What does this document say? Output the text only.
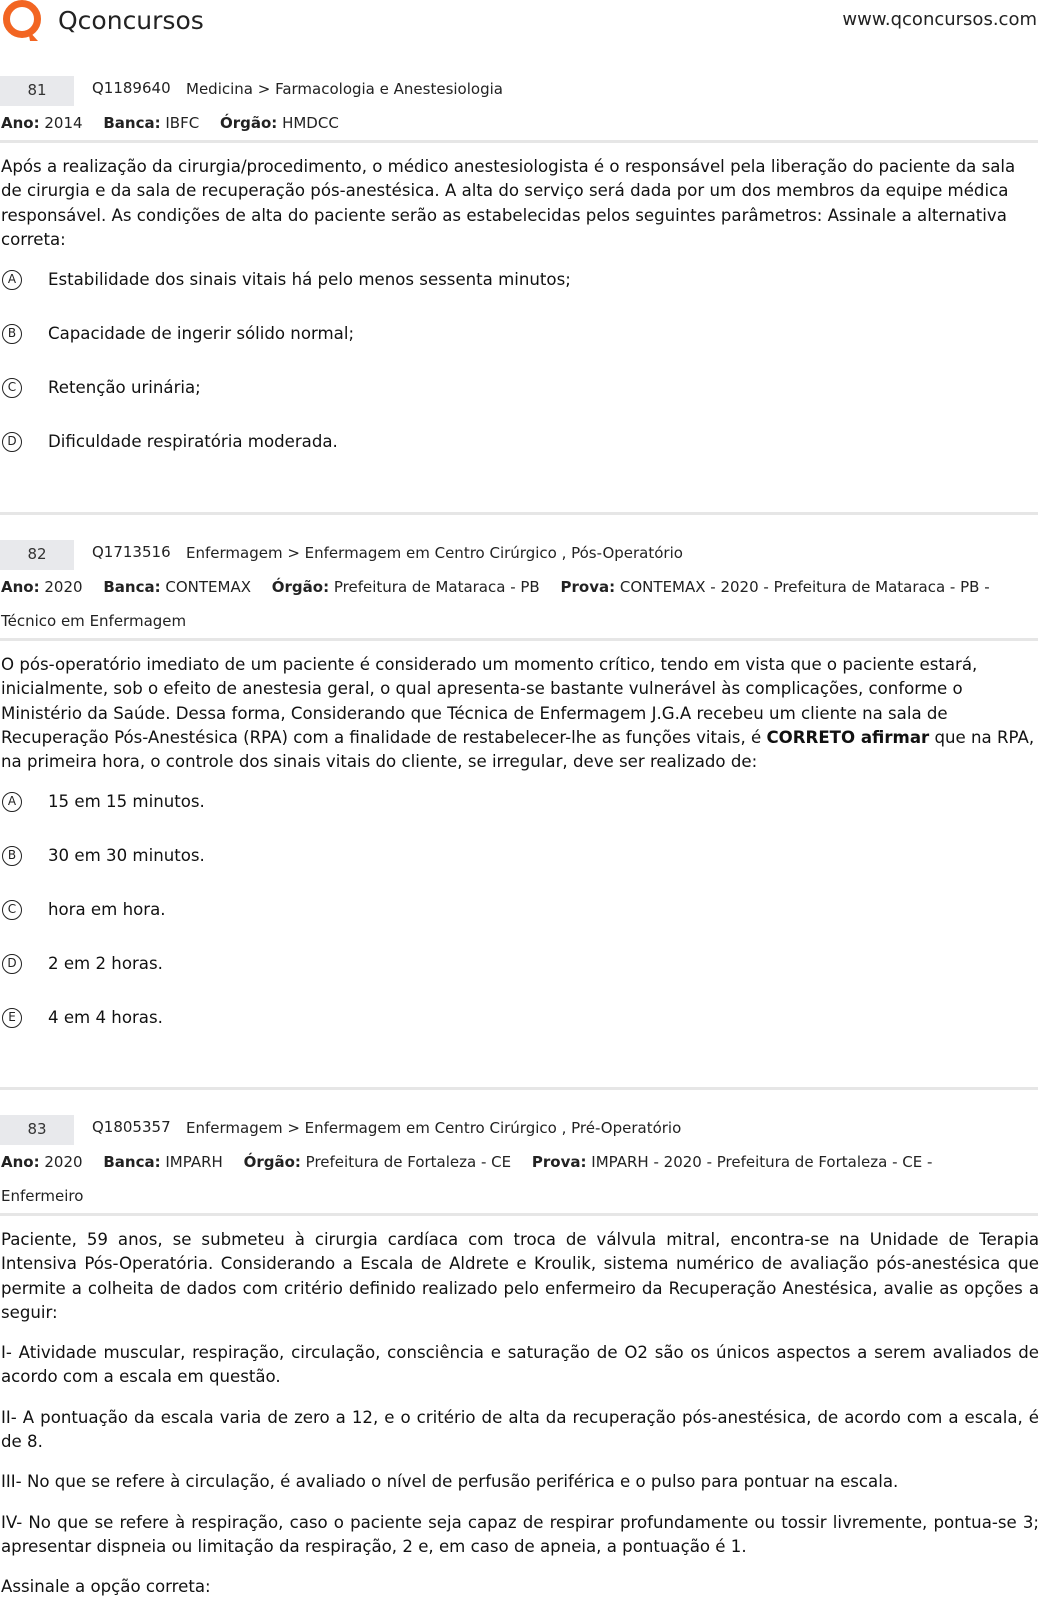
Qconcursos	www.qconcursos.com
81	Q1189640 Medicina > Farmacologia e Anestesiologia
Ano: 2014 Banca: IBFC Órgão: HMDCC
Após a realização da cirurgia/procedimento, o médico anestesiologista é o responsável pela liberação do paciente da sala de cirurgia e da sala de recuperação pós-anestésica. A alta do serviço será dada por um dos membros da equipe médica responsável. As condições de alta do paciente serão as estabelecidas pelos seguintes parâmetros: Assinale a alternativa correta:
A	Estabilidade dos sinais vitais há pelo menos sessenta minutos;
B	Capacidade de ingerir sólido normal;
C	Retenção urinária;
D	Dificuldade respiratória moderada.
82	Q1713516 Enfermagem > Enfermagem em Centro Cirúrgico , Pós-Operatório
Ano: 2020 Banca: CONTEMAX Órgão: Prefeitura de Mataraca - PB Prova: CONTEMAX - 2020 - Prefeitura de Mataraca - PB - Técnico em Enfermagem
O pós-operatório imediato de um paciente é considerado um momento crítico, tendo em vista que o paciente estará, inicialmente, sob o efeito de anestesia geral, o qual apresenta-se bastante vulnerável às complicações, conforme o Ministério da Saúde. Dessa forma, Considerando que Técnica de Enfermagem J.G.A recebeu um cliente na sala de Recuperação Pós-Anestésica (RPA) com a finalidade de restabelecer-lhe as funções vitais, é CORRETO afirmar que na RPA, na primeira hora, o controle dos sinais vitais do cliente, se irregular, deve ser realizado de:
A	15 em 15 minutos.
B	30 em 30 minutos.
C	hora em hora.
D	2 em 2 horas.
E	4 em 4 horas.
83	Q1805357 Enfermagem > Enfermagem em Centro Cirúrgico , Pré-Operatório
Ano: 2020 Banca: IMPARH Órgão: Prefeitura de Fortaleza - CE Prova: IMPARH - 2020 - Prefeitura de Fortaleza - CE -
Enfermeiro

Paciente, 59 anos, se submeteu à cirurgia cardíaca com troca de válvula mitral, encontra-se na Unidade de Terapia Intensiva Pós-Operatória. Considerando a Escala de Aldrete e Kroulik, sistema numérico de avaliação pós-anestésica que permite a colheita de dados com critério definido realizado pelo enfermeiro da Recuperação Anestésica, avalie as opções a seguir:

I- Atividade muscular, respiração, circulação, consciência e saturação de O2 são os únicos aspectos a serem avaliados de acordo com a escala em questão.

II- A pontuação da escala varia de zero a 12, e o critério de alta da recuperação pós-anestésica, de acordo com a escala, é de 8.

III- No que se refere à circulação, é avaliado o nível de perfusão periférica e o pulso para pontuar na escala.

IV- No que se refere à respiração, caso o paciente seja capaz de respirar profundamente ou tossir livremente, pontua-se 3; apresentar dispneia ou limitação da respiração, 2 e, em caso de apneia, a pontuação é 1.

Assinale a opção correta:
